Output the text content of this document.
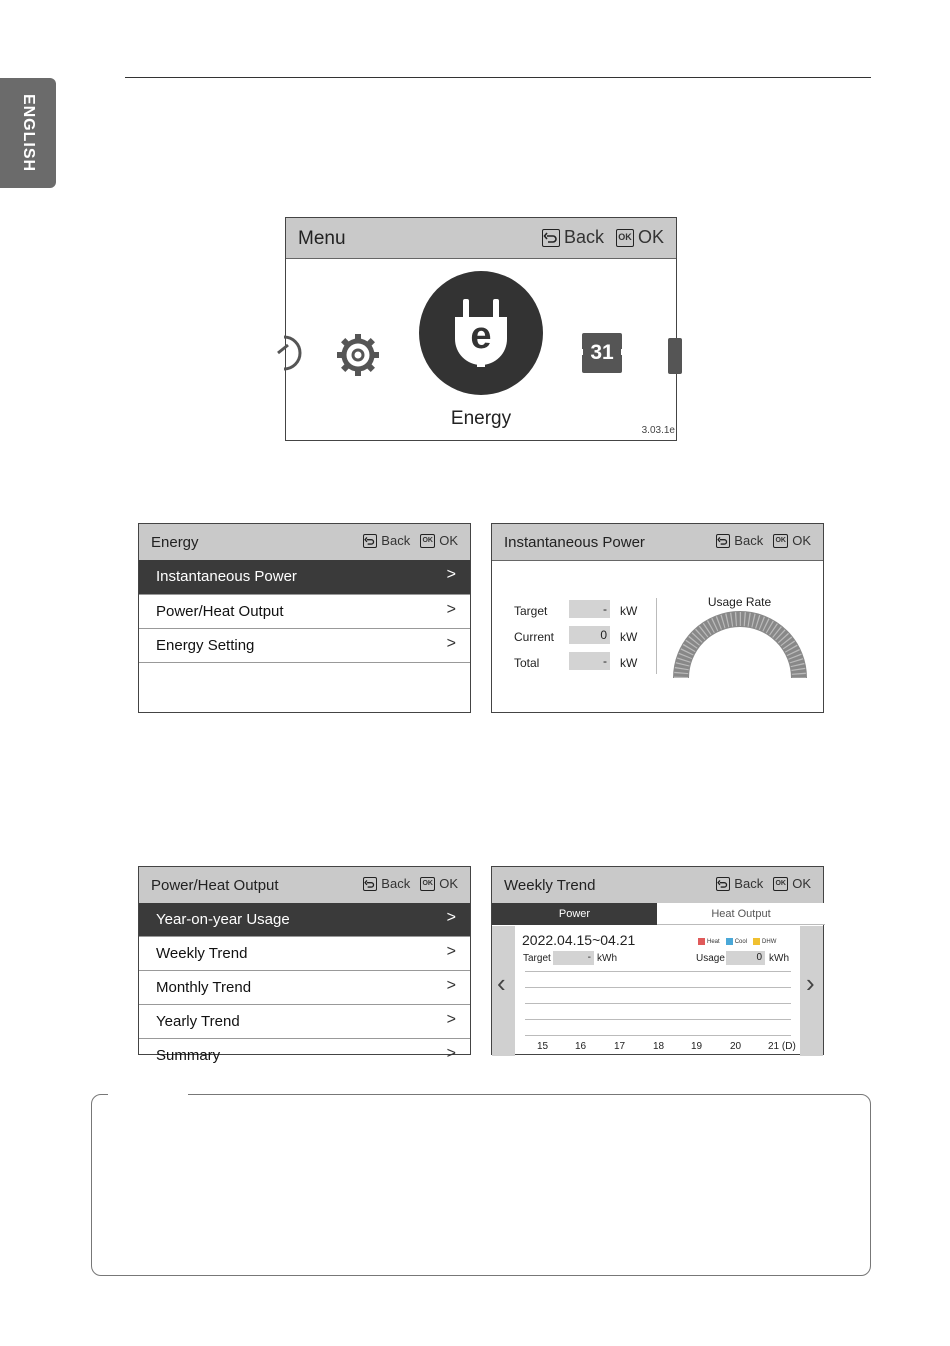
ENGLISH
Menu	Back OK OK
e
Energy
31
3.03.1e
Energy	Back	OK OK
Instantaneous Power	>
Power/Heat Output	>
Energy Setting	>
Instantaneous Power	Back	OK OK
Target	- kW
Current	0 kW
Total	- kW
Usage Rate
Power/Heat Output	Back	OK OK
Year-on-year Usage	>
Weekly Trend	>
Monthly Trend	>
Yearly Trend	>
Summary	>
Weekly Trend	Back	OK OK
Power	Heat Output
‹	›
2022.04.15~04.21	Heat	Cool	DHW
Target	- kWh	Usage	0 kWh
15	16	17	18	19	20	21 (D)
